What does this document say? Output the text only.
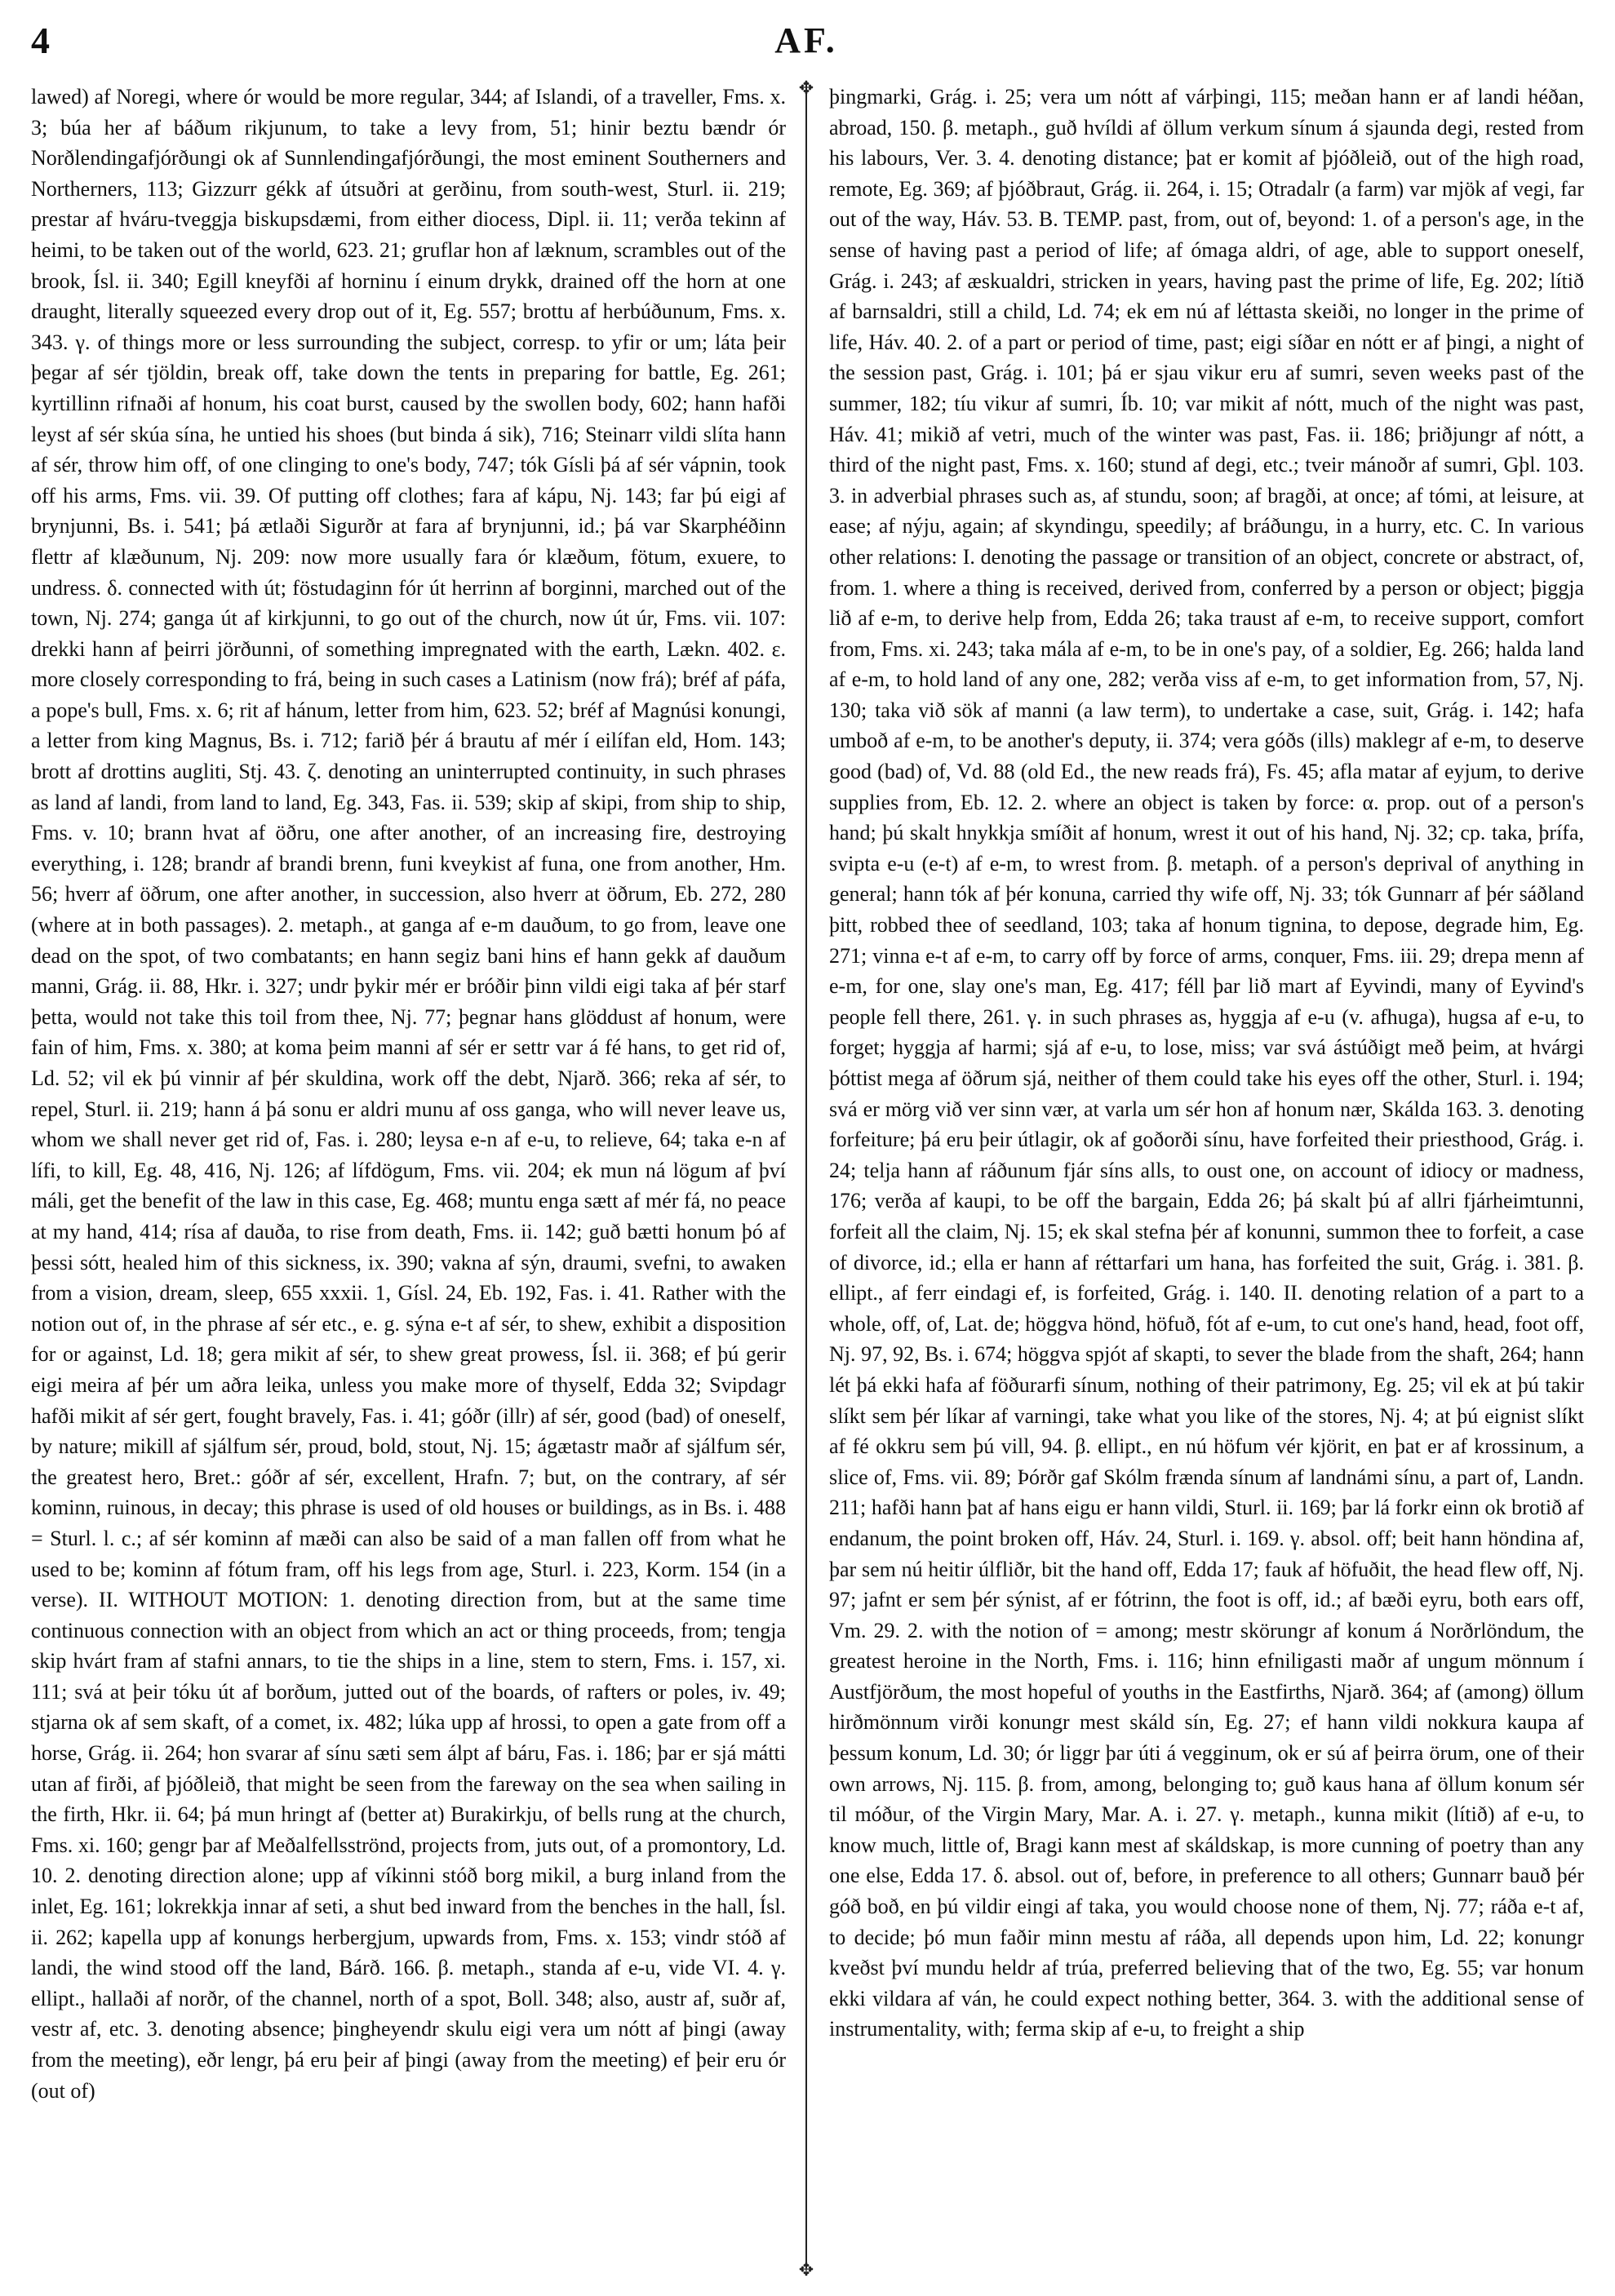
4	AF.

lawed) af Noregi, where ór would be more regular, 344; af Islandi, of a traveller, Fms. x. 3; búa her af báðum rikjunum, to take a levy from, 51; hinir beztu bændr ór Norðlendingafjórðungi ok af Sunnlendingafjórðungi, the most eminent Southerners and Northerners, 113; Gizzurr gékk af útsuðri at gerðinu, from south-west, Sturl. ii. 219; prestar af hváru-tveggja biskupsdæmi, from either diocess, Dipl. ii. 11; verða tekinn af heimi, to be taken out of the world, 623. 21; gruflar hon af læknum, scrambles out of the brook, Ísl. ii. 340; Egill kneyfði af horninu í einum drykk, drained off the horn at one draught, literally squeezed every drop out of it, Eg. 557; brottu af herbúðunum, Fms. x. 343. γ. of things more or less surrounding the subject, corresp. to yfir or um; láta þeir þegar af sér tjöldin, break off, take down the tents in preparing for battle, Eg. 261; kyrtillinn rifnaði af honum, his coat burst, caused by the swollen body, 602; hann hafði leyst af sér skúa sína, he untied his shoes (but binda á sik), 716; Steinarr vildi slíta hann af sér, throw him off, of one clinging to one's body, 747; tók Gísli þá af sér vápnin, took off his arms, Fms. vii. 39. Of putting off clothes; fara af kápu, Nj. 143; far þú eigi af brynjunni, Bs. i. 541; þá ætlaði Sigurðr at fara af brynjunni, id.; þá var Skarphéðinn flettr af klæðunum, Nj. 209: now more usually fara ór klæðum, fötum, exuere, to undress. δ. connected with út; föstudaginn fór út herrinn af borginni, marched out of the town, Nj. 274; ganga út af kirkjunni, to go out of the church, now út úr, Fms. vii. 107: drekki hann af þeirri jörðunni, of something impregnated with the earth, Lækn. 402. ε. more closely corresponding to frá, being in such cases a Latinism (now frá); bréf af páfa, a pope's bull, Fms. x. 6; rit af hánum, letter from him, 623. 52; bréf af Magnúsi konungi, a letter from king Magnus, Bs. i. 712; farið þér á brautu af mér í eilífan eld, Hom. 143; brott af drottins augliti, Stj. 43. ζ. denoting an uninterrupted continuity, in such phrases as land af landi, from land to land, Eg. 343, Fas. ii. 539; skip af skipi, from ship to ship, Fms. v. 10; brann hvat af öðru, one after another, of an increasing fire, destroying everything, i. 128; brandr af brandi brenn, funi kveykist af funa, one from another, Hm. 56; hverr af öðrum, one after another, in succession, also hverr at öðrum, Eb. 272, 280 (where at in both passages). 2. metaph., at ganga af e-m dauðum, to go from, leave one dead on the spot, of two combatants; en hann segiz bani hins ef hann gekk af dauðum manni, Grág. ii. 88, Hkr. i. 327; undr þykir mér er bróðir þinn vildi eigi taka af þér starf þetta, would not take this toil from thee, Nj. 77; þegnar hans glöddust af honum, were fain of him, Fms. x. 380; at koma þeim manni af sér er settr var á fé hans, to get rid of, Ld. 52; vil ek þú vinnir af þér skuldina, work off the debt, Njarð. 366; reka af sér, to repel, Sturl. ii. 219; hann á þá sonu er aldri munu af oss ganga, who will never leave us, whom we shall never get rid of, Fas. i. 280; leysa e-n af e-u, to relieve, 64; taka e-n af lífi, to kill, Eg. 48, 416, Nj. 126; af lífdögum, Fms. vii. 204; ek mun ná lögum af því máli, get the benefit of the law in this case, Eg. 468; muntu enga sætt af mér fá, no peace at my hand, 414; rísa af dauða, to rise from death, Fms. ii. 142; guð bætti honum þó af þessi sótt, healed him of this sickness, ix. 390; vakna af sýn, draumi, svefni, to awaken from a vision, dream, sleep, 655 xxxii. 1, Gísl. 24, Eb. 192, Fas. i. 41. Rather with the notion out of, in the phrase af sér etc., e. g. sýna e-t af sér, to shew, exhibit a disposition for or against, Ld. 18; gera mikit af sér, to shew great prowess, Ísl. ii. 368; ef þú gerir eigi meira af þér um aðra leika, unless you make more of thyself, Edda 32; Svipdagr hafði mikit af sér gert, fought bravely, Fas. i. 41; góðr (illr) af sér, good (bad) of oneself, by nature; mikill af sjálfum sér, proud, bold, stout, Nj. 15; ágætastr maðr af sjálfum sér, the greatest hero, Bret.: góðr af sér, excellent, Hrafn. 7; but, on the contrary, af sér kominn, ruinous, in decay; this phrase is used of old houses or buildings, as in Bs. i. 488 = Sturl. l. c.; af sér kominn af mæði can also be said of a man fallen off from what he used to be; kominn af fótum fram, off his legs from age, Sturl. i. 223, Korm. 154 (in a verse). II. WITHOUT MOTION: 1. denoting direction from, but at the same time continuous connection with an object from which an act or thing proceeds, from; tengja skip hvárt fram af stafni annars, to tie the ships in a line, stem to stern, Fms. i. 157, xi. 111; svá at þeir tóku út af borðum, jutted out of the boards, of rafters or poles, iv. 49; stjarna ok af sem skaft, of a comet, ix. 482; lúka upp af hrossi, to open a gate from off a horse, Grág. ii. 264; hon svarar af sínu sæti sem álpt af báru, Fas. i. 186; þar er sjá mátti utan af firði, af þjóðleið, that might be seen from the fareway on the sea when sailing in the firth, Hkr. ii. 64; þá mun hringt af (better at) Burakirkju, of bells rung at the church, Fms. xi. 160; gengr þar af Meðalfellsströnd, projects from, juts out, of a promontory, Ld. 10. 2. denoting direction alone; upp af víkinni stóð borg mikil, a burg inland from the inlet, Eg. 161; lokrekkja innar af seti, a shut bed inward from the benches in the hall, Ísl. ii. 262; kapella upp af konungs herbergjum, upwards from, Fms. x. 153; vindr stóð af landi, the wind stood off the land, Bárð. 166. β. metaph., standa af e-u, vide VI. 4. γ. ellipt., hallaði af norðr, of the channel, north of a spot, Boll. 348; also, austr af, suðr af, vestr af, etc. 3. denoting absence; þingheyendr skulu eigi vera um nótt af þingi (away from the meeting), eðr lengr, þá eru þeir af þingi (away from the meeting) ef þeir eru ór (out of)

✥
✥

þingmarki, Grág. i. 25; vera um nótt af várþingi, 115; meðan hann er af landi héðan, abroad, 150. β. metaph., guð hvíldi af öllum verkum sínum á sjaunda degi, rested from his labours, Ver. 3. 4. denoting distance; þat er komit af þjóðleið, out of the high road, remote, Eg. 369; af þjóðbraut, Grág. ii. 264, i. 15; Otradalr (a farm) var mjök af vegi, far out of the way, Háv. 53. B. TEMP. past, from, out of, beyond: 1. of a person's age, in the sense of having past a period of life; af ómaga aldri, of age, able to support oneself, Grág. i. 243; af æskualdri, stricken in years, having past the prime of life, Eg. 202; lítið af barnsaldri, still a child, Ld. 74; ek em nú af léttasta skeiði, no longer in the prime of life, Háv. 40. 2. of a part or period of time, past; eigi síðar en nótt er af þingi, a night of the session past, Grág. i. 101; þá er sjau vikur eru af sumri, seven weeks past of the summer, 182; tíu vikur af sumri, Íb. 10; var mikit af nótt, much of the night was past, Háv. 41; mikið af vetri, much of the winter was past, Fas. ii. 186; þriðjungr af nótt, a third of the night past, Fms. x. 160; stund af degi, etc.; tveir mánoðr af sumri, Gþl. 103. 3. in adverbial phrases such as, af stundu, soon; af bragði, at once; af tómi, at leisure, at ease; af nýju, again; af skyndingu, speedily; af bráðungu, in a hurry, etc. C. In various other relations: I. denoting the passage or transition of an object, concrete or abstract, of, from. 1. where a thing is received, derived from, conferred by a person or object; þiggja lið af e-m, to derive help from, Edda 26; taka traust af e-m, to receive support, comfort from, Fms. xi. 243; taka mála af e-m, to be in one's pay, of a soldier, Eg. 266; halda land af e-m, to hold land of any one, 282; verða viss af e-m, to get information from, 57, Nj. 130; taka við sök af manni (a law term), to undertake a case, suit, Grág. i. 142; hafa umboð af e-m, to be another's deputy, ii. 374; vera góðs (ills) maklegr af e-m, to deserve good (bad) of, Vd. 88 (old Ed., the new reads frá), Fs. 45; afla matar af eyjum, to derive supplies from, Eb. 12. 2. where an object is taken by force: α. prop. out of a person's hand; þú skalt hnykkja smíðit af honum, wrest it out of his hand, Nj. 32; cp. taka, þrífa, svipta e-u (e-t) af e-m, to wrest from. β. metaph. of a person's deprival of anything in general; hann tók af þér konuna, carried thy wife off, Nj. 33; tók Gunnarr af þér sáðland þitt, robbed thee of seedland, 103; taka af honum tignina, to depose, degrade him, Eg. 271; vinna e-t af e-m, to carry off by force of arms, conquer, Fms. iii. 29; drepa menn af e-m, for one, slay one's man, Eg. 417; féll þar lið mart af Eyvindi, many of Eyvind's people fell there, 261. γ. in such phrases as, hyggja af e-u (v. afhuga), hugsa af e-u, to forget; hyggja af harmi; sjá af e-u, to lose, miss; var svá ástúðigt með þeim, at hvárgi þóttist mega af öðrum sjá, neither of them could take his eyes off the other, Sturl. i. 194; svá er mörg við ver sinn vær, at varla um sér hon af honum nær, Skálda 163. 3. denoting forfeiture; þá eru þeir útlagir, ok af goðorði sínu, have forfeited their priesthood, Grág. i. 24; telja hann af ráðunum fjár síns alls, to oust one, on account of idiocy or madness, 176; verða af kaupi, to be off the bargain, Edda 26; þá skalt þú af allri fjárheimtunni, forfeit all the claim, Nj. 15; ek skal stefna þér af konunni, summon thee to forfeit, a case of divorce, id.; ella er hann af réttarfari um hana, has forfeited the suit, Grág. i. 381. β. ellipt., af ferr eindagi ef, is forfeited, Grág. i. 140. II. denoting relation of a part to a whole, off, of, Lat. de; höggva hönd, höfuð, fót af e-um, to cut one's hand, head, foot off, Nj. 97, 92, Bs. i. 674; höggva spjót af skapti, to sever the blade from the shaft, 264; hann lét þá ekki hafa af föðurarfi sínum, nothing of their patrimony, Eg. 25; vil ek at þú takir slíkt sem þér líkar af varningi, take what you like of the stores, Nj. 4; at þú eignist slíkt af fé okkru sem þú vill, 94. β. ellipt., en nú höfum vér kjörit, en þat er af krossinum, a slice of, Fms. vii. 89; Þórðr gaf Skólm frænda sínum af landnámi sínu, a part of, Landn. 211; hafði hann þat af hans eigu er hann vildi, Sturl. ii. 169; þar lá forkr einn ok brotið af endanum, the point broken off, Háv. 24, Sturl. i. 169. γ. absol. off; beit hann höndina af, þar sem nú heitir úlfliðr, bit the hand off, Edda 17; fauk af höfuðit, the head flew off, Nj. 97; jafnt er sem þér sýnist, af er fótrinn, the foot is off, id.; af bæði eyru, both ears off, Vm. 29. 2. with the notion of = among; mestr skörungr af konum á Norðrlöndum, the greatest heroine in the North, Fms. i. 116; hinn efniligasti maðr af ungum mönnum í Austfjörðum, the most hopeful of youths in the Eastfirths, Njarð. 364; af (among) öllum hirðmönnum virði konungr mest skáld sín, Eg. 27; ef hann vildi nokkura kaupa af þessum konum, Ld. 30; ór liggr þar úti á vegginum, ok er sú af þeirra örum, one of their own arrows, Nj. 115. β. from, among, belonging to; guð kaus hana af öllum konum sér til móður, of the Virgin Mary, Mar. A. i. 27. γ. metaph., kunna mikit (lítið) af e-u, to know much, little of, Bragi kann mest af skáldskap, is more cunning of poetry than any one else, Edda 17. δ. absol. out of, before, in preference to all others; Gunnarr bauð þér góð boð, en þú vildir eingi af taka, you would choose none of them, Nj. 77; ráða e-t af, to decide; þó mun faðir minn mestu af ráða, all depends upon him, Ld. 22; konungr kveðst því mundu heldr af trúa, preferred believing that of the two, Eg. 55; var honum ekki vildara af ván, he could expect nothing better, 364. 3. with the additional sense of instrumentality, with; ferma skip af e-u, to freight a ship
